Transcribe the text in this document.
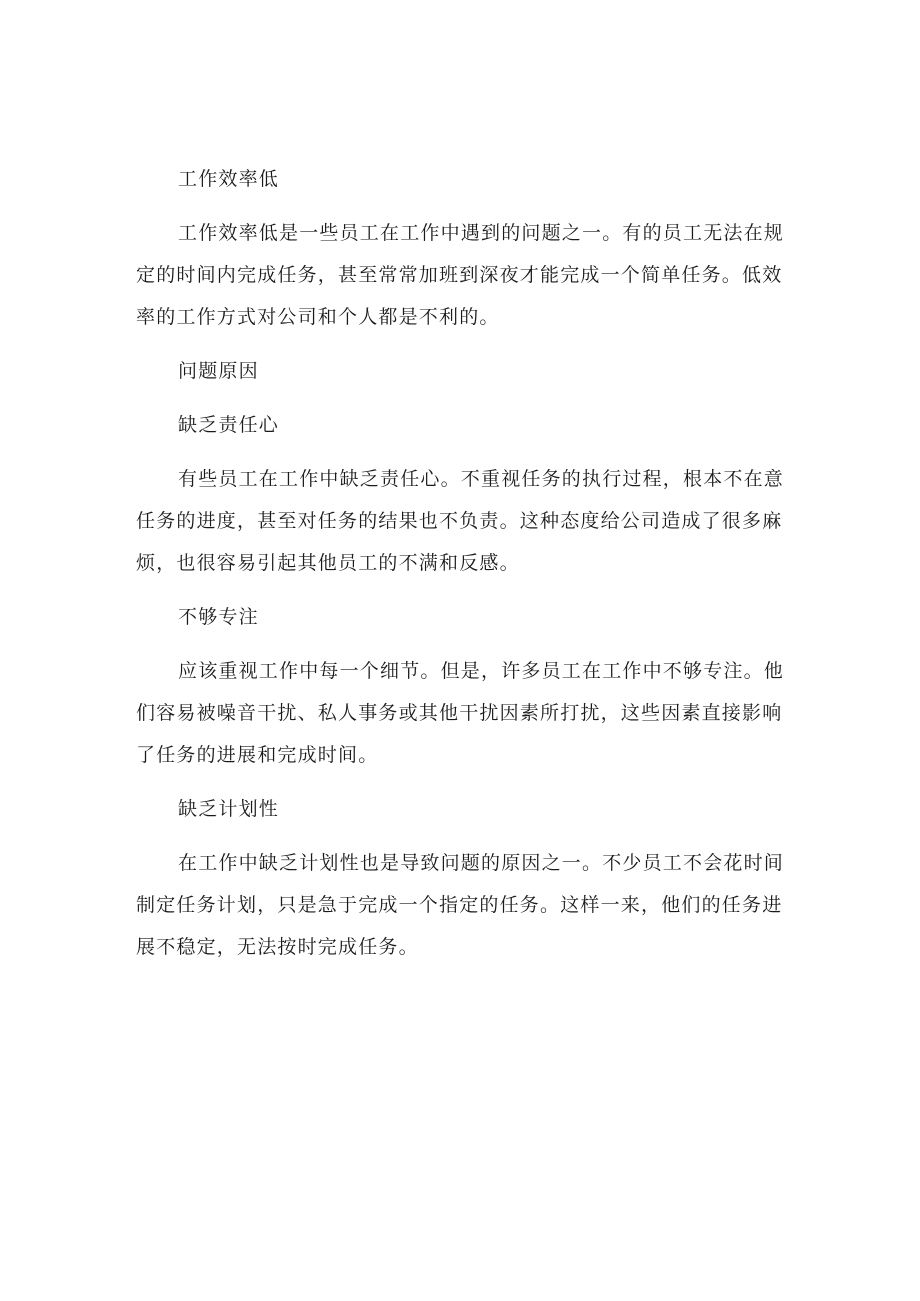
工作效率低

工作效率低是一些员工在工作中遇到的问题之一。有的员工无法在规定的时间内完成任务，甚至常常加班到深夜才能完成一个简单任务。低效率的工作方式对公司和个人都是不利的。

问题原因

缺乏责任心

有些员工在工作中缺乏责任心。不重视任务的执行过程，根本不在意任务的进度，甚至对任务的结果也不负责。这种态度给公司造成了很多麻烦，也很容易引起其他员工的不满和反感。

不够专注

应该重视工作中每一个细节。但是，许多员工在工作中不够专注。他们容易被噪音干扰、私人事务或其他干扰因素所打扰，这些因素直接影响了任务的进展和完成时间。

缺乏计划性

在工作中缺乏计划性也是导致问题的原因之一。不少员工不会花时间制定任务计划，只是急于完成一个指定的任务。这样一来，他们的任务进展不稳定，无法按时完成任务。
